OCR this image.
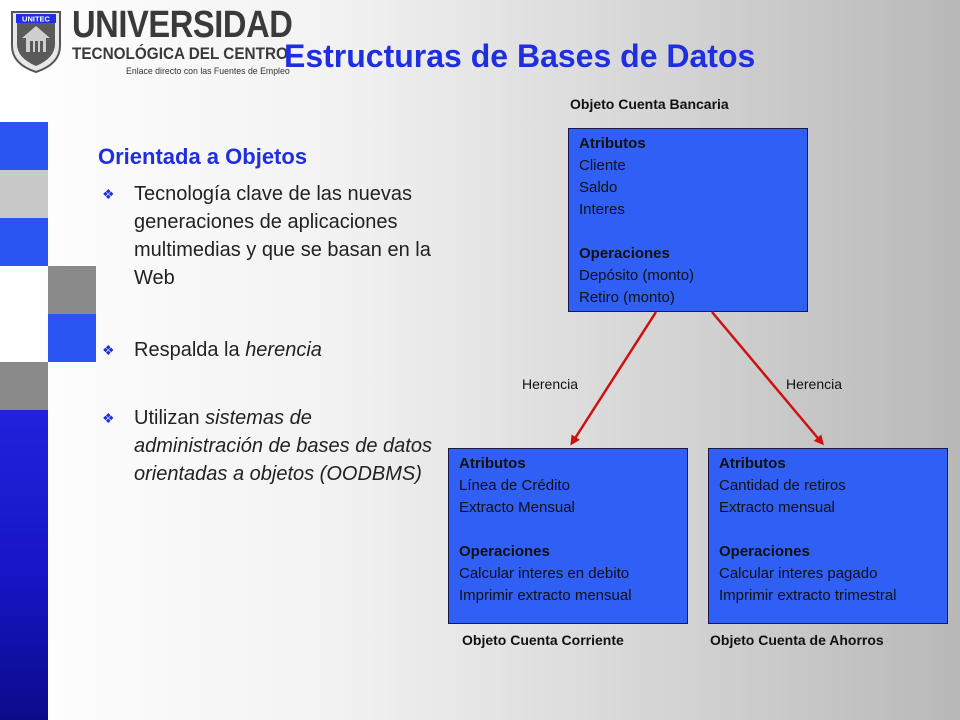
UNITEC UNIVERSIDAD
TECNOLÓGICA DEL CENTRO
Enlace directo con las Fuentes de Empleo
Estructuras de Bases de Datos
Orientada a Objetos
❖ Tecnología clave de las nuevas generaciones de aplicaciones multimedias y que se basan en la Web
❖ Respalda la herencia
❖ Utilizan sistemas de administración de bases de datos orientadas a objetos (OODBMS)
Objeto Cuenta Bancaria
Atributos
Cliente
Saldo
Interes
Operaciones
Depósito (monto)
Retiro (monto)
Herencia	Herencia
Atributos
Línea de Crédito
Extracto Mensual
Operaciones
Calcular interes en debito
Imprimir extracto mensual
Atributos
Cantidad de retiros
Extracto mensual
Operaciones
Calcular interes pagado
Imprimir extracto trimestral
Objeto Cuenta Corriente	Objeto Cuenta de Ahorros
